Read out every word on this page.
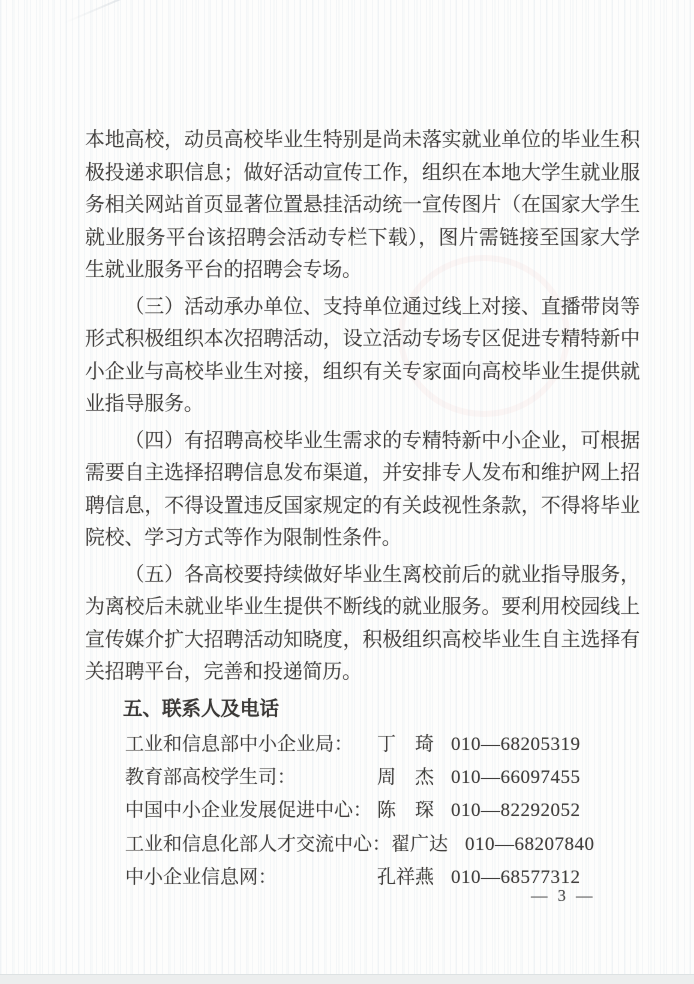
本地高校，动员高校毕业生特别是尚未落实就业单位的毕业生积极投递求职信息；做好活动宣传工作，组织在本地大学生就业服务相关网站首页显著位置悬挂活动统一宣传图片（在国家大学生就业服务平台该招聘会活动专栏下载），图片需链接至国家大学生就业服务平台的招聘会专场。

（三）活动承办单位、支持单位通过线上对接、直播带岗等形式积极组织本次招聘活动，设立活动专场专区促进专精特新中小企业与高校毕业生对接，组织有关专家面向高校毕业生提供就业指导服务。

（四）有招聘高校毕业生需求的专精特新中小企业，可根据需要自主选择招聘信息发布渠道，并安排专人发布和维护网上招聘信息，不得设置违反国家规定的有关歧视性条款，不得将毕业院校、学习方式等作为限制性条件。

（五）各高校要持续做好毕业生离校前后的就业指导服务，为离校后未就业毕业生提供不断线的就业服务。要利用校园线上宣传媒介扩大招聘活动知晓度，积极组织高校毕业生自主选择有关招聘平台，完善和投递简历。

五、联系人及电话
工业和信息部中小企业局：	丁　琦 010—68205319
教育部高校学生司：	周　杰 010—66097455
中国中小企业发展促进中心： 陈　琛 010—82292052
工业和信息化部人才交流中心： 翟广达 010—68207840
中小企业信息网：	孔祥燕 010—68577312
— 3 —
